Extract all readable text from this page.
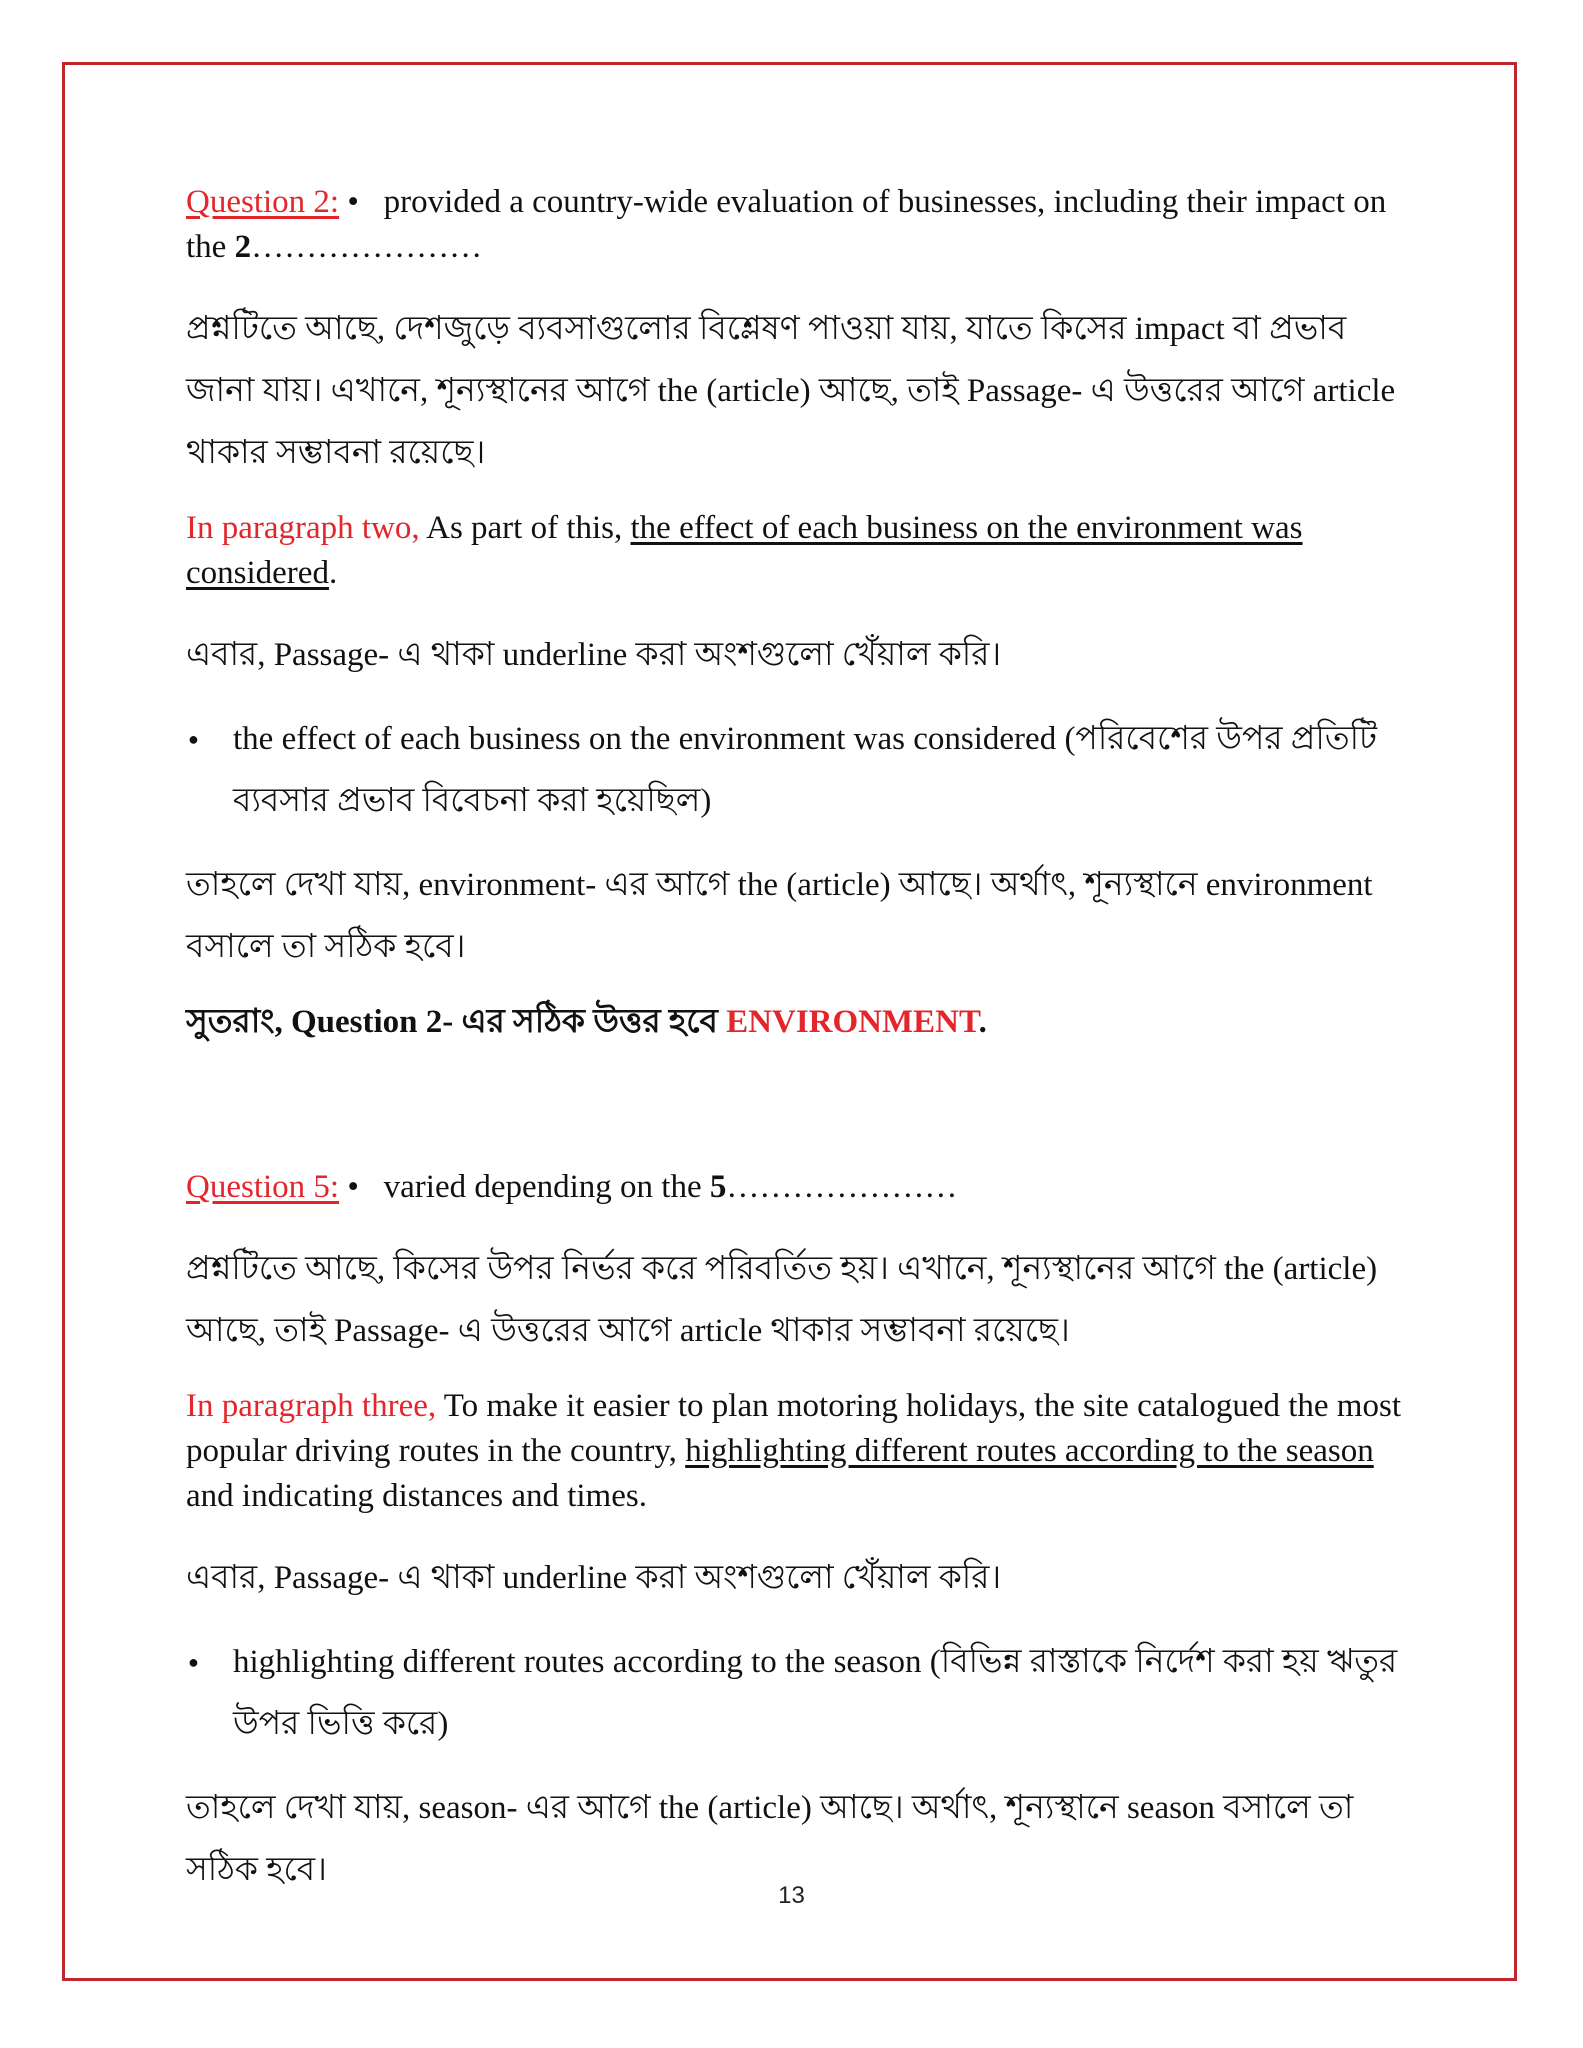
Question 2: • provided a country-wide evaluation of businesses, including their impact on the 2…………………

প্রশ্নটিতে আছে, দেশজুড়ে ব্যবসাগুলোর বিশ্লেষণ পাওয়া যায়, যাতে কিসের impact বা প্রভাব জানা যায়। এখানে, শূন্যস্থানের আগে the (article) আছে, তাই Passage- এ উত্তরের আগে article থাকার সম্ভাবনা রয়েছে।

In paragraph two, As part of this, the effect of each business on the environment was considered.

এবার, Passage- এ থাকা underline করা অংশগুলো খেঁয়াল করি।

● the effect of each business on the environment was considered (পরিবেশের উপর প্রতিটি ব্যবসার প্রভাব বিবেচনা করা হয়েছিল)

তাহলে দেখা যায়, environment- এর আগে the (article) আছে। অর্থাৎ, শূন্যস্থানে environment বসালে তা সঠিক হবে।

সুতরাং, Question 2- এর সঠিক উত্তর হবে ENVIRONMENT.

Question 5: • varied depending on the 5…………………

প্রশ্নটিতে আছে, কিসের উপর নির্ভর করে পরিবর্তিত হয়। এখানে, শূন্যস্থানের আগে the (article) আছে, তাই Passage- এ উত্তরের আগে article থাকার সম্ভাবনা রয়েছে।

In paragraph three, To make it easier to plan motoring holidays, the site catalogued the most popular driving routes in the country, highlighting different routes according to the season and indicating distances and times.

এবার, Passage- এ থাকা underline করা অংশগুলো খেঁয়াল করি।

● highlighting different routes according to the season (বিভিন্ন রাস্তাকে নির্দেশ করা হয় ঋতুর উপর ভিত্তি করে)

তাহলে দেখা যায়, season- এর আগে the (article) আছে। অর্থাৎ, শূন্যস্থানে season বসালে তা সঠিক হবে।

13
